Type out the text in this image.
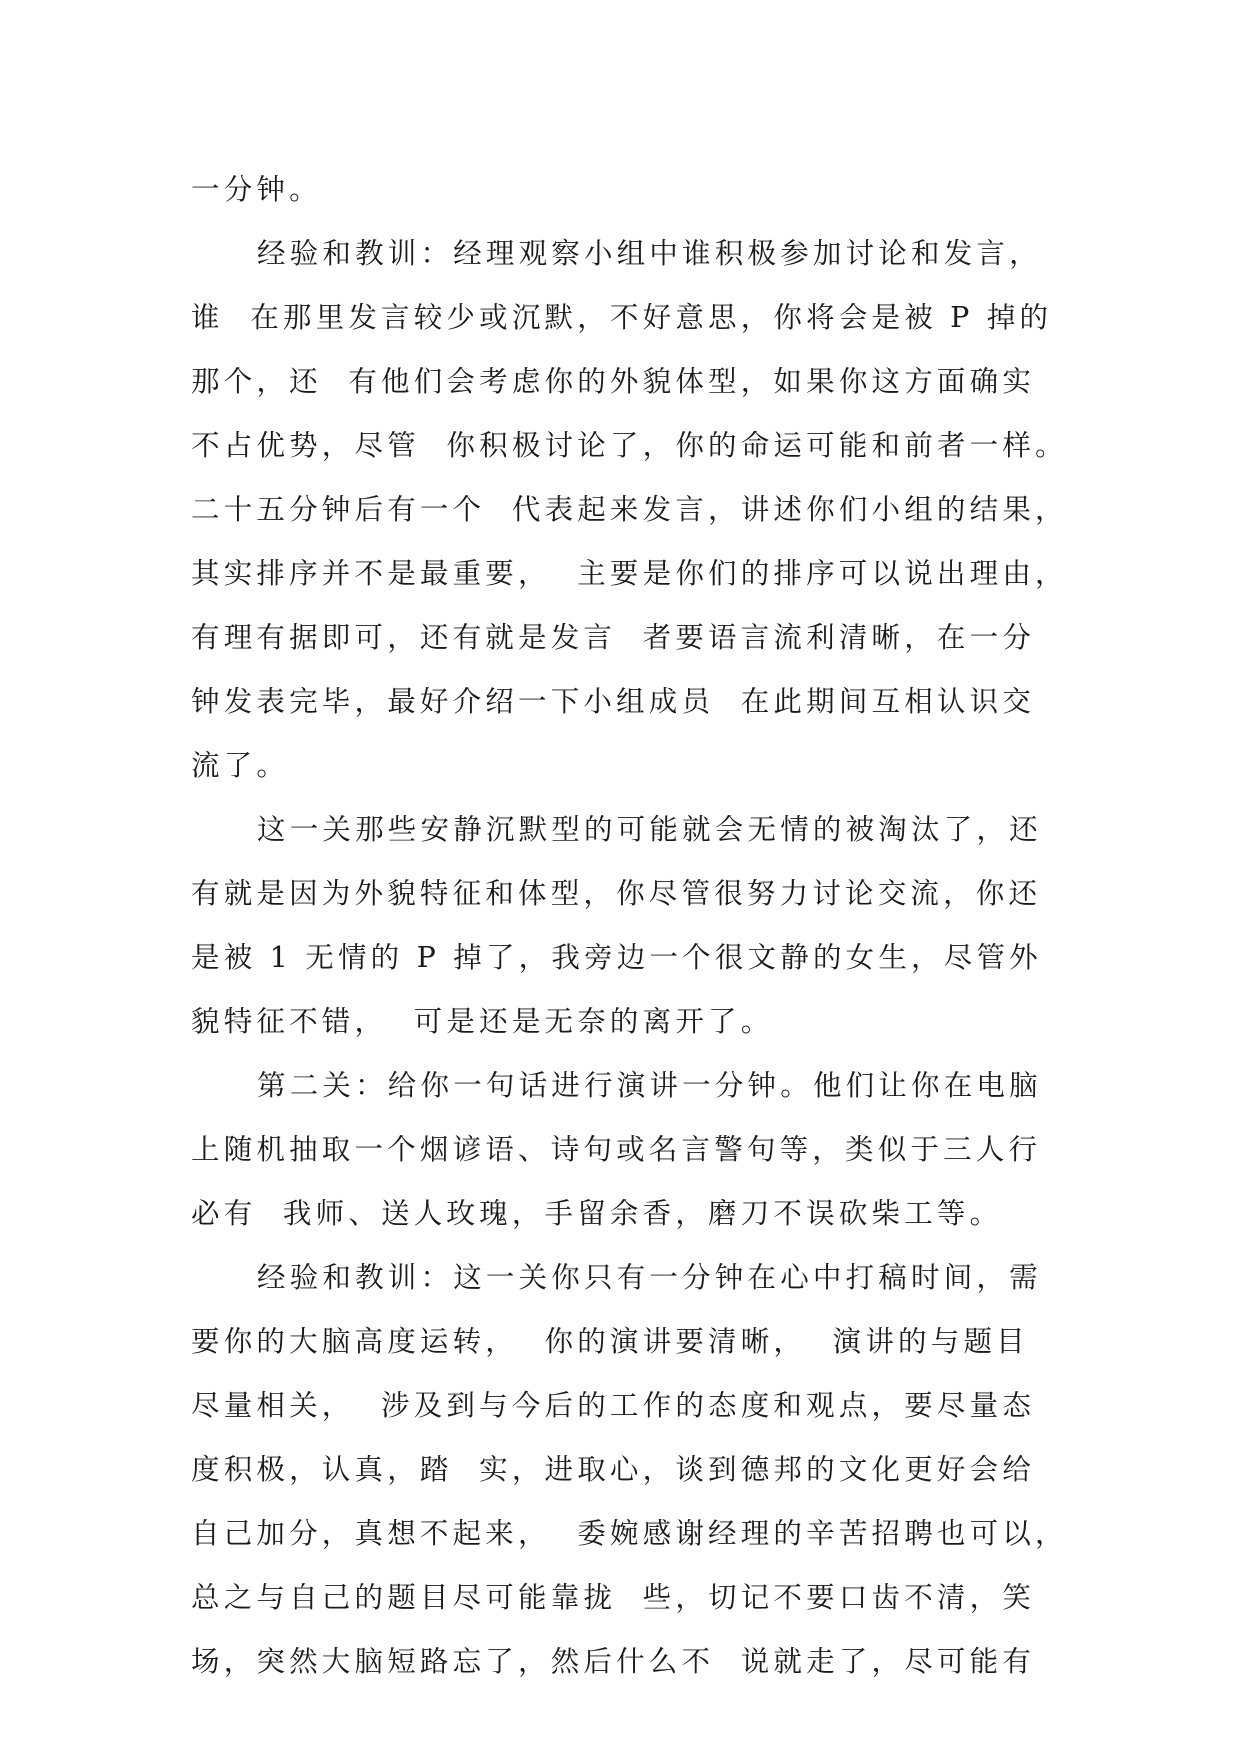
一分钟。
经验和教训：经理观察小组中谁积极参加讨论和发言，
谁  在那里发言较少或沉默，不好意思，你将会是被 P 掉的
那个，还  有他们会考虑你的外貌体型，如果你这方面确实
不占优势，尽管  你积极讨论了，你的命运可能和前者一样。
二十五分钟后有一个  代表起来发言，讲述你们小组的结果，
其实排序并不是最重要，  主要是你们的排序可以说出理由，
有理有据即可，还有就是发言  者要语言流利清晰，在一分
钟发表完毕，最好介绍一下小组成员  在此期间互相认识交
流了。
这一关那些安静沉默型的可能就会无情的被淘汰了，还
有就是因为外貌特征和体型，你尽管很努力讨论交流，你还
是被 1 无情的 P 掉了，我旁边一个很文静的女生，尽管外
貌特征不错，  可是还是无奈的离开了。
第二关：给你一句话进行演讲一分钟。他们让你在电脑
上随机抽取一个烟谚语、诗句或名言警句等，类似于三人行
必有  我师、送人玫瑰，手留余香，磨刀不误砍柴工等。
经验和教训：这一关你只有一分钟在心中打稿时间，需
要你的大脑高度运转，  你的演讲要清晰，  演讲的与题目
尽量相关，  涉及到与今后的工作的态度和观点，要尽量态
度积极，认真，踏  实，进取心，谈到德邦的文化更好会给
自己加分，真想不起来，  委婉感谢经理的辛苦招聘也可以，
总之与自己的题目尽可能靠拢  些，切记不要口齿不清，笑
场，突然大脑短路忘了，然后什么不  说就走了，尽可能有
